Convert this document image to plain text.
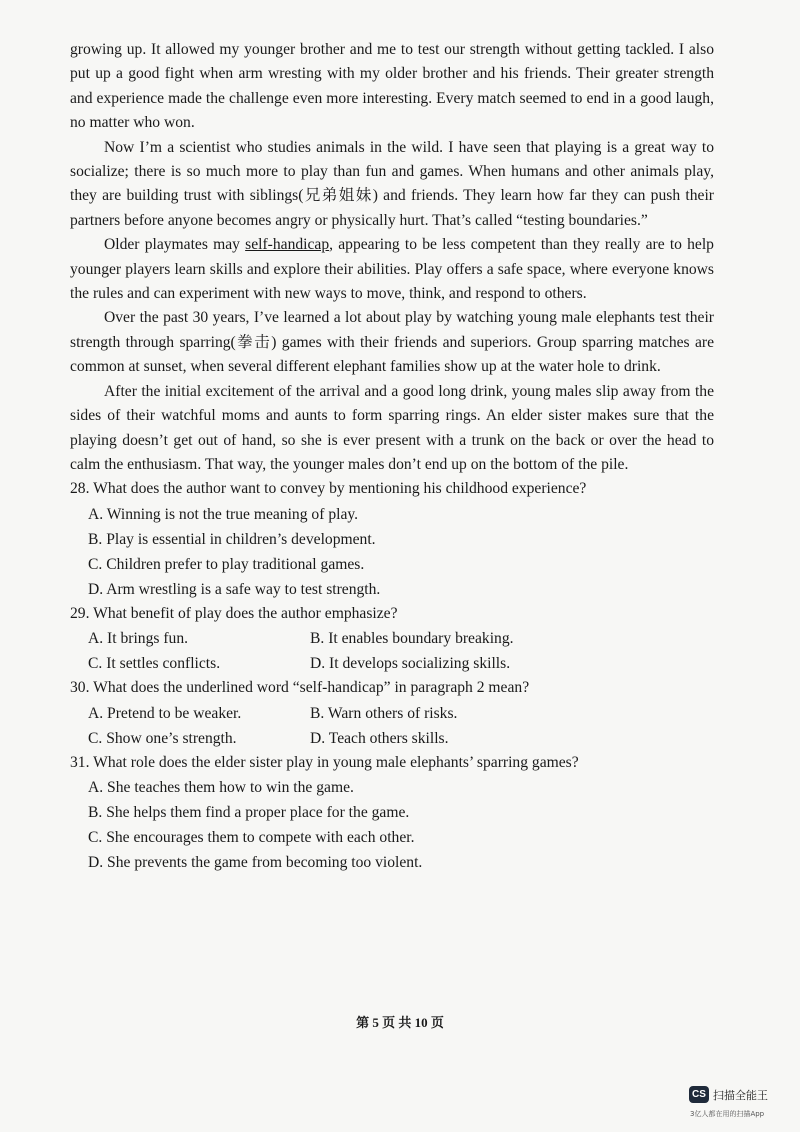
growing up. It allowed my younger brother and me to test our strength without getting tackled. I also put up a good fight when arm wresting with my older brother and his friends. Their greater strength and experience made the challenge even more interesting. Every match seemed to end in a good laugh, no matter who won.

Now I’m a scientist who studies animals in the wild. I have seen that playing is a great way to socialize; there is so much more to play than fun and games. When humans and other animals play, they are building trust with siblings(兄弟姐妹) and friends. They learn how far they can push their partners before anyone becomes angry or physically hurt. That’s called “testing boundaries.”

Older playmates may self-handicap, appearing to be less competent than they really are to help younger players learn skills and explore their abilities. Play offers a safe space, where everyone knows the rules and can experiment with new ways to move, think, and respond to others.

Over the past 30 years, I’ve learned a lot about play by watching young male elephants test their strength through sparring(拳击) games with their friends and superiors. Group sparring matches are common at sunset, when several different elephant families show up at the water hole to drink.

After the initial excitement of the arrival and a good long drink, young males slip away from the sides of their watchful moms and aunts to form sparring rings. An elder sister makes sure that the playing doesn’t get out of hand, so she is ever present with a trunk on the back or over the head to calm the enthusiasm. That way, the younger males don’t end up on the bottom of the pile.

28. What does the author want to convey by mentioning his childhood experience?

A. Winning is not the true meaning of play.
B. Play is essential in children’s development.
C. Children prefer to play traditional games.
D. Arm wrestling is a safe way to test strength.

29. What benefit of play does the author emphasize?

A. It brings fun.	B. It enables boundary breaking.
C. It settles conflicts.	D. It develops socializing skills.

30. What does the underlined word “self-handicap” in paragraph 2 mean?

A. Pretend to be weaker.	B. Warn others of risks.
C. Show one’s strength.	D. Teach others skills.

31. What role does the elder sister play in young male elephants’ sparring games?

A. She teaches them how to win the game.
B. She helps them find a proper place for the game.
C. She encourages them to compete with each other.
D. She prevents the game from becoming too violent.
第 5 页 共 10 页
CS 扫描全能王
3亿人都在用的扫描App
